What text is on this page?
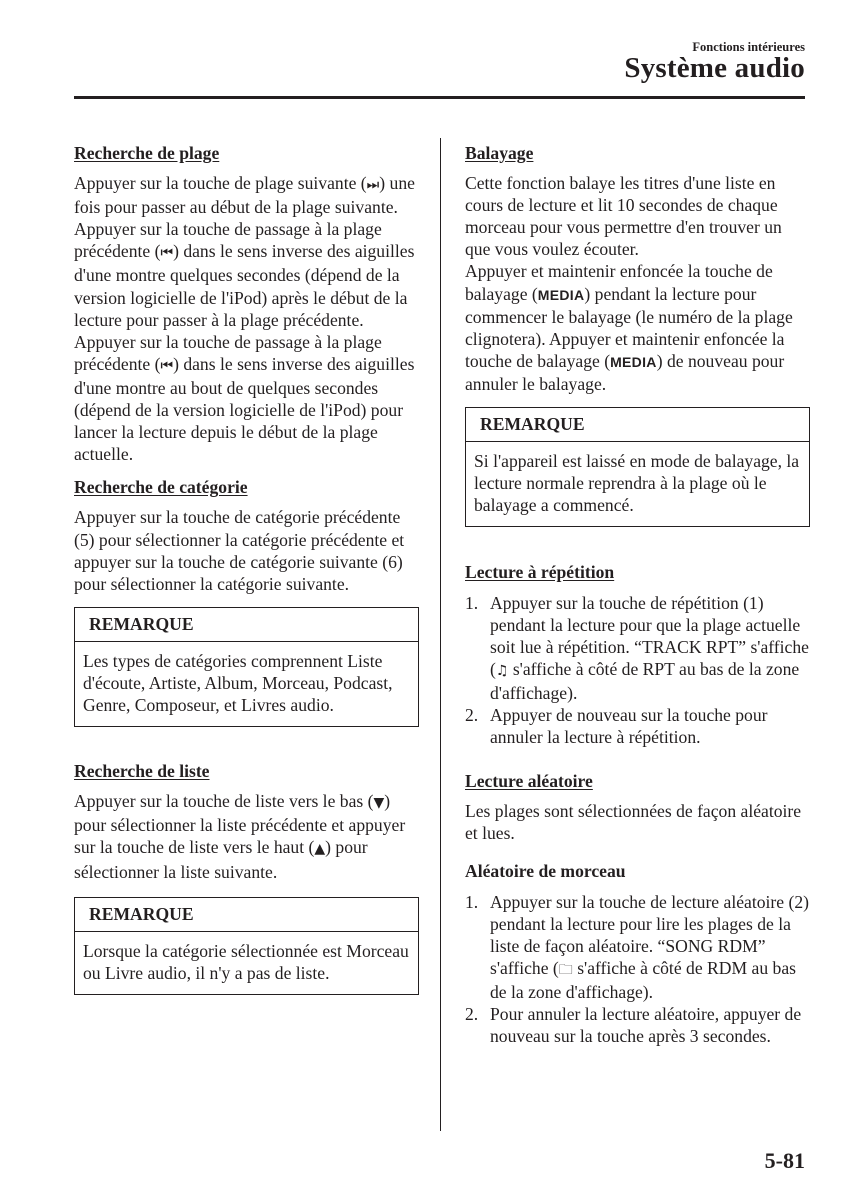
Fonctions intérieures
Système audio
Recherche de plage

Appuyer sur la touche de plage suivante (⏭) une fois pour passer au début de la plage suivante.

Appuyer sur la touche de passage à la plage précédente (⏮) dans le sens inverse des aiguilles d'une montre quelques secondes (dépend de la version logicielle de l'iPod) après le début de la lecture pour passer à la plage précédente.

Appuyer sur la touche de passage à la plage précédente (⏮) dans le sens inverse des aiguilles d'une montre au bout de quelques secondes (dépend de la version logicielle de l'iPod) pour lancer la lecture depuis le début de la plage actuelle.

Recherche de catégorie

Appuyer sur la touche de catégorie précédente (5) pour sélectionner la catégorie précédente et appuyer sur la touche de catégorie suivante (6) pour sélectionner la catégorie suivante.

REMARQUE
Les types de catégories comprennent Liste d'écoute, Artiste, Album, Morceau, Podcast, Genre, Composeur, et Livres audio.
Recherche de liste

Appuyer sur la touche de liste vers le bas (▼) pour sélectionner la liste précédente et appuyer sur la touche de liste vers le haut (▲) pour sélectionner la liste suivante.

REMARQUE
Lorsque la catégorie sélectionnée est Morceau ou Livre audio, il n'y a pas de liste.
Balayage

Cette fonction balaye les titres d'une liste en cours de lecture et lit 10 secondes de chaque morceau pour vous permettre d'en trouver un que vous voulez écouter.

Appuyer et maintenir enfoncée la touche de balayage (MEDIA) pendant la lecture pour commencer le balayage (le numéro de la plage clignotera). Appuyer et maintenir enfoncée la touche de balayage (MEDIA) de nouveau pour annuler le balayage.

REMARQUE
Si l'appareil est laissé en mode de balayage, la lecture normale reprendra à la plage où le balayage a commencé.
Lecture à répétition
1. Appuyer sur la touche de répétition (1) pendant la lecture pour que la plage actuelle soit lue à répétition. “TRACK RPT” s'affiche (♫ s'affiche à côté de RPT au bas de la zone d'affichage).
2. Appuyer de nouveau sur la touche pour annuler la lecture à répétition.
Lecture aléatoire

Les plages sont sélectionnées de façon aléatoire et lues.

Aléatoire de morceau
1. Appuyer sur la touche de lecture aléatoire (2) pendant la lecture pour lire les plages de la liste de façon aléatoire. “SONG RDM” s'affiche (🗀 s'affiche à côté de RDM au bas de la zone d'affichage).
2. Pour annuler la lecture aléatoire, appuyer de nouveau sur la touche après 3 secondes.
5-81
